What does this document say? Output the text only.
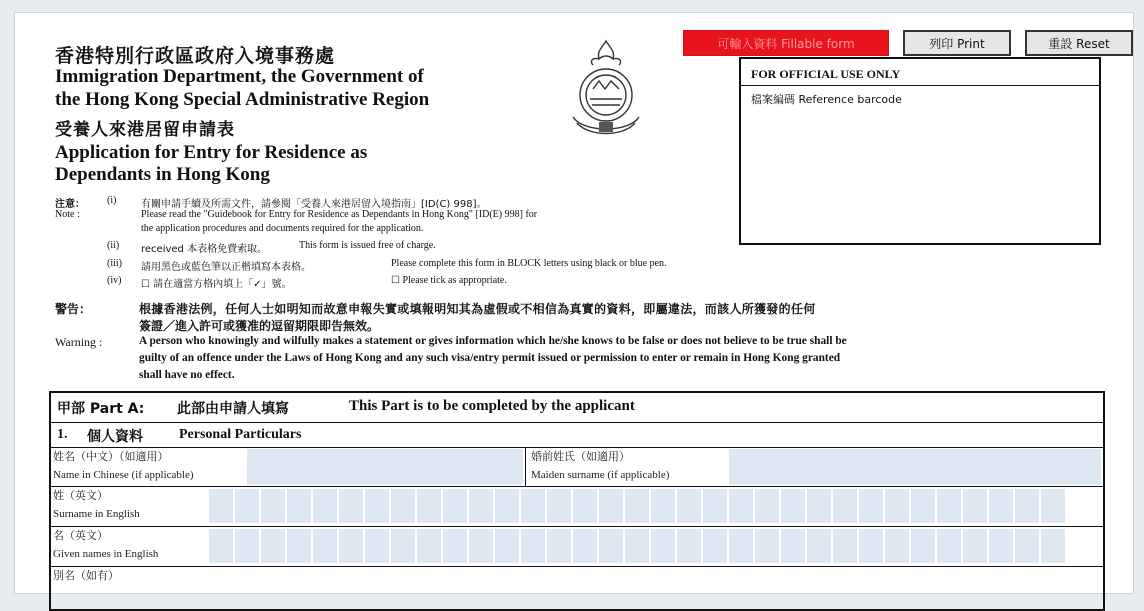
香港特別行政區政府入境事務處
Immigration Department, the Government of
the Hong Kong Special Administrative Region
受養人來港居留申請表
Application for Entry for Residence as
Dependants in Hong Kong
可輸入資料 Fillable form	列印 Print	重設 Reset
FOR OFFICIAL USE ONLY
檔案編碼 Reference barcode
注意：
Note :
(i) 有關申請手續及所需文件，請參閱「受養人來港居留入境指南」[ID(C) 998]。
Please read the "Guidebook for Entry for Residence as Dependants in Hong Kong" [ID(E) 998] for
the application procedures and documents required for the application.
(ii) received 本表格免費索取。	This form is issued free of charge.
(iii) 請用黑色或藍色筆以正楷填寫本表格。	Please complete this form in BLOCK letters using black or blue pen.
(iv) ☐ 請在適當方格內填上「✓」號。	☐ Please tick as appropriate.
警告：	根據香港法例，任何人士如明知而故意申報失實或填報明知其為虛假或不相信為真實的資料，即屬違法，而該人所獲發的任何
簽證／進入許可或獲准的逗留期限即告無效。
Warning :	A person who knowingly and wilfully makes a statement or gives information which he/she knows to be false or does not believe to be true shall be
guilty of an offence under the Laws of Hong Kong and any such visa/entry permit issued or permission to enter or remain in Hong Kong granted
shall have no effect.
甲部 Part A: 此部由申請人填寫	This Part is to be completed by the applicant
1. 個人資料	Personal Particulars
姓名（中文）（如適用）
Name in Chinese (if applicable)
婚前姓氏（如適用）
Maiden surname (if applicable)
姓（英文）
Surname in English
名（英文）
Given names in English
別名（如有）
